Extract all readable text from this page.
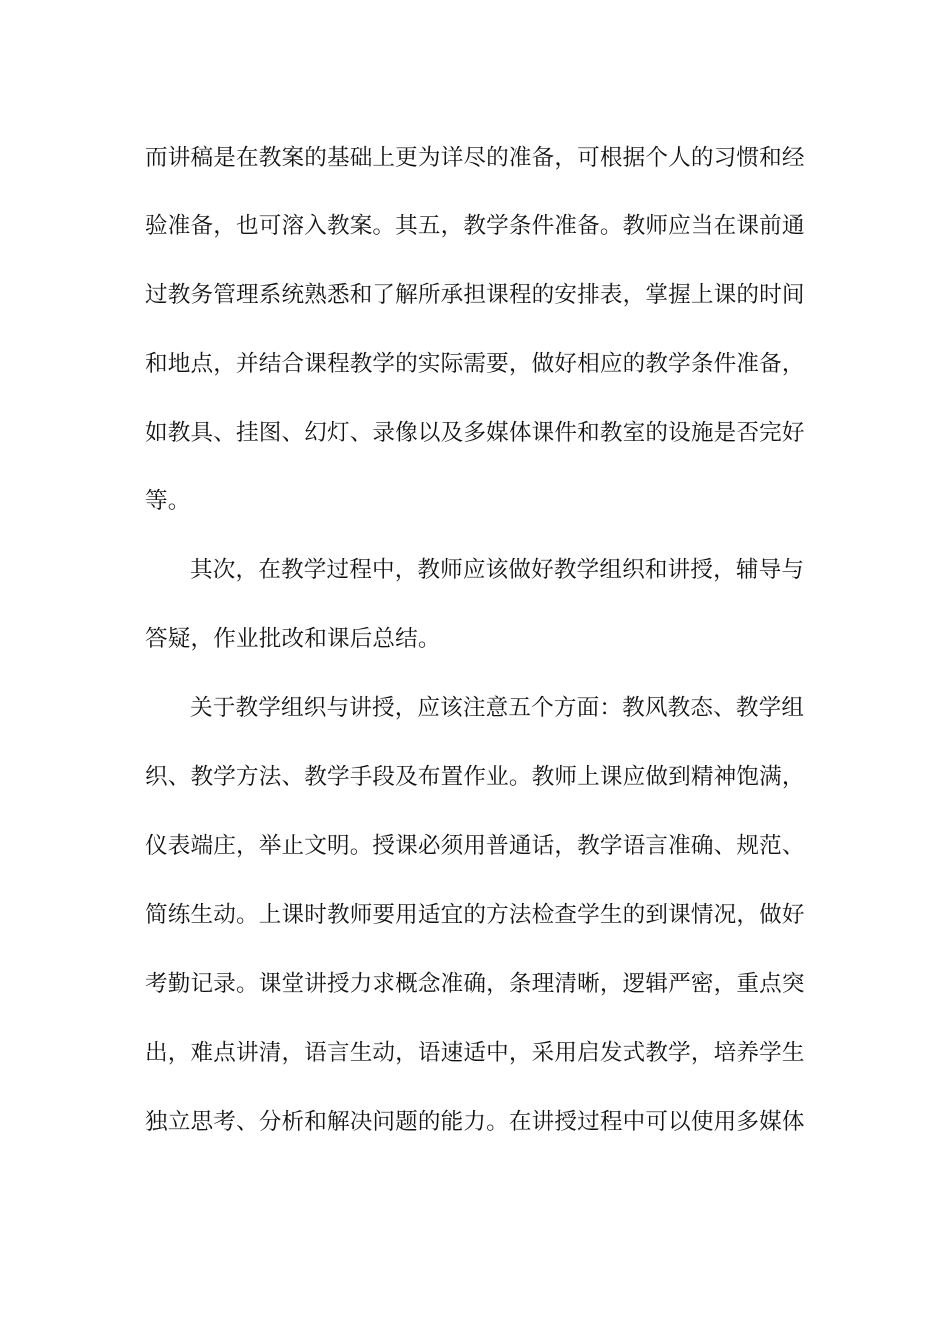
而讲稿是在教案的基础上更为详尽的准备，可根据个人的习惯和经
验准备，也可溶入教案。其五，教学条件准备。教师应当在课前通
过教务管理系统熟悉和了解所承担课程的安排表，掌握上课的时间
和地点，并结合课程教学的实际需要，做好相应的教学条件准备，
如教具、挂图、幻灯、录像以及多媒体课件和教室的设施是否完好
等。
其次，在教学过程中，教师应该做好教学组织和讲授，辅导与
答疑，作业批改和课后总结。
关于教学组织与讲授，应该注意五个方面：教风教态、教学组
织、教学方法、教学手段及布置作业。教师上课应做到精神饱满，
仪表端庄，举止文明。授课必须用普通话，教学语言准确、规范、
简练生动。上课时教师要用适宜的方法检查学生的到课情况，做好
考勤记录。课堂讲授力求概念准确，条理清晰，逻辑严密，重点突
出，难点讲清，语言生动，语速适中，采用启发式教学，培养学生
独立思考、分析和解决问题的能力。在讲授过程中可以使用多媒体
